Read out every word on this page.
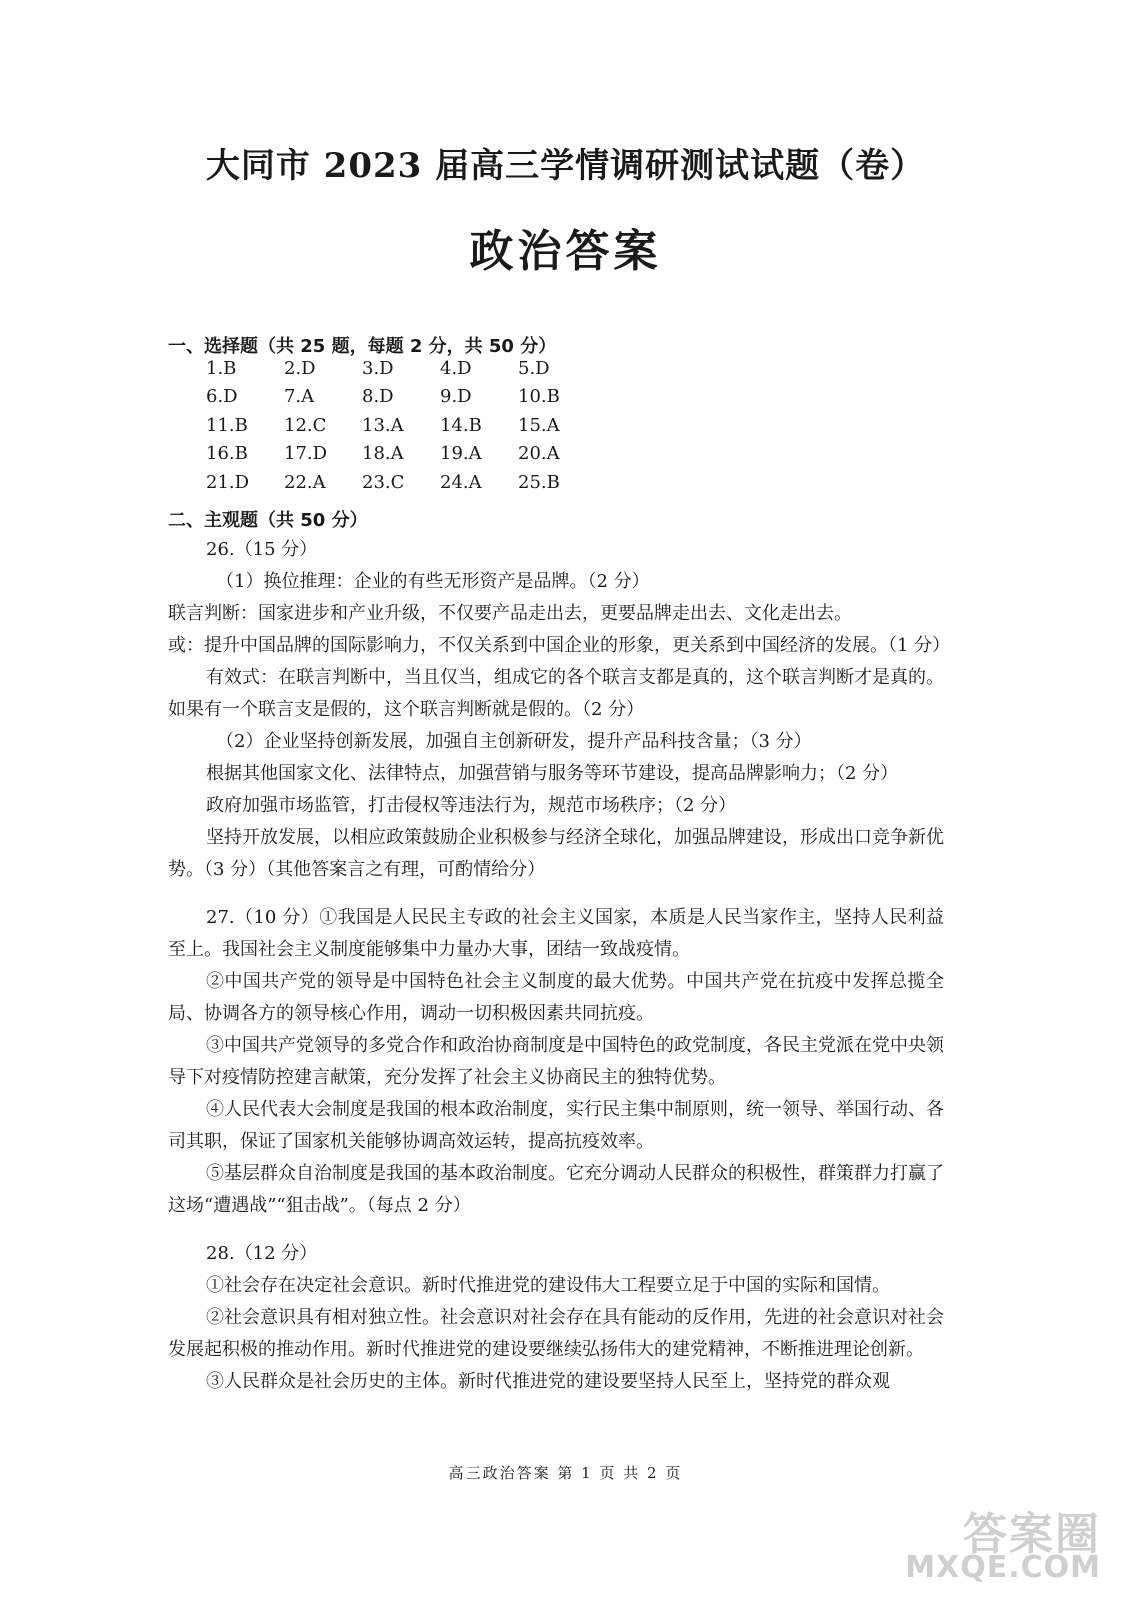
大同市 2023 届高三学情调研测试试题（卷）
政治答案
一、选择题（共 25 题，每题 2 分，共 50 分）
1.B	2.D	3.D	4.D	5.D
6.D	7.A	8.D	9.D	10.B
11.B	12.C	13.A	14.B	15.A
16.B	17.D	18.A	19.A	20.A
21.D	22.A	23.C	24.A	25.B
二、主观题（共 50 分）

26.（15 分）

（1）换位推理：企业的有些无形资产是品牌。（2 分）

联言判断：国家进步和产业升级，不仅要产品走出去，更要品牌走出去、文化走出去。

或：提升中国品牌的国际影响力，不仅关系到中国企业的形象，更关系到中国经济的发展。（1 分）

有效式：在联言判断中，当且仅当，组成它的各个联言支都是真的，这个联言判断才是真的。如果有一个联言支是假的，这个联言判断就是假的。（2 分）

（2）企业坚持创新发展，加强自主创新研发，提升产品科技含量；（3 分）

根据其他国家文化、法律特点，加强营销与服务等环节建设，提高品牌影响力；（2 分）

政府加强市场监管，打击侵权等违法行为，规范市场秩序；（2 分）

坚持开放发展，以相应政策鼓励企业积极参与经济全球化，加强品牌建设，形成出口竞争新优势。（3 分）（其他答案言之有理，可酌情给分）

27.（10 分）①我国是人民民主专政的社会主义国家，本质是人民当家作主，坚持人民利益至上。我国社会主义制度能够集中力量办大事，团结一致战疫情。

②中国共产党的领导是中国特色社会主义制度的最大优势。中国共产党在抗疫中发挥总揽全局、协调各方的领导核心作用，调动一切积极因素共同抗疫。

③中国共产党领导的多党合作和政治协商制度是中国特色的政党制度，各民主党派在党中央领导下对疫情防控建言献策，充分发挥了社会主义协商民主的独特优势。

④人民代表大会制度是我国的根本政治制度，实行民主集中制原则，统一领导、举国行动、各司其职，保证了国家机关能够协调高效运转，提高抗疫效率。

⑤基层群众自治制度是我国的基本政治制度。它充分调动人民群众的积极性，群策群力打赢了这场“遭遇战”“狙击战”。（每点 2 分）

28.（12 分）

①社会存在决定社会意识。新时代推进党的建设伟大工程要立足于中国的实际和国情。

②社会意识具有相对独立性。社会意识对社会存在具有能动的反作用，先进的社会意识对社会发展起积极的推动作用。新时代推进党的建设要继续弘扬伟大的建党精神，不断推进理论创新。

③人民群众是社会历史的主体。新时代推进党的建设要坚持人民至上，坚持党的群众观

高三政治答案 第 1 页 共 2 页
答案圈
MXQE.COM
